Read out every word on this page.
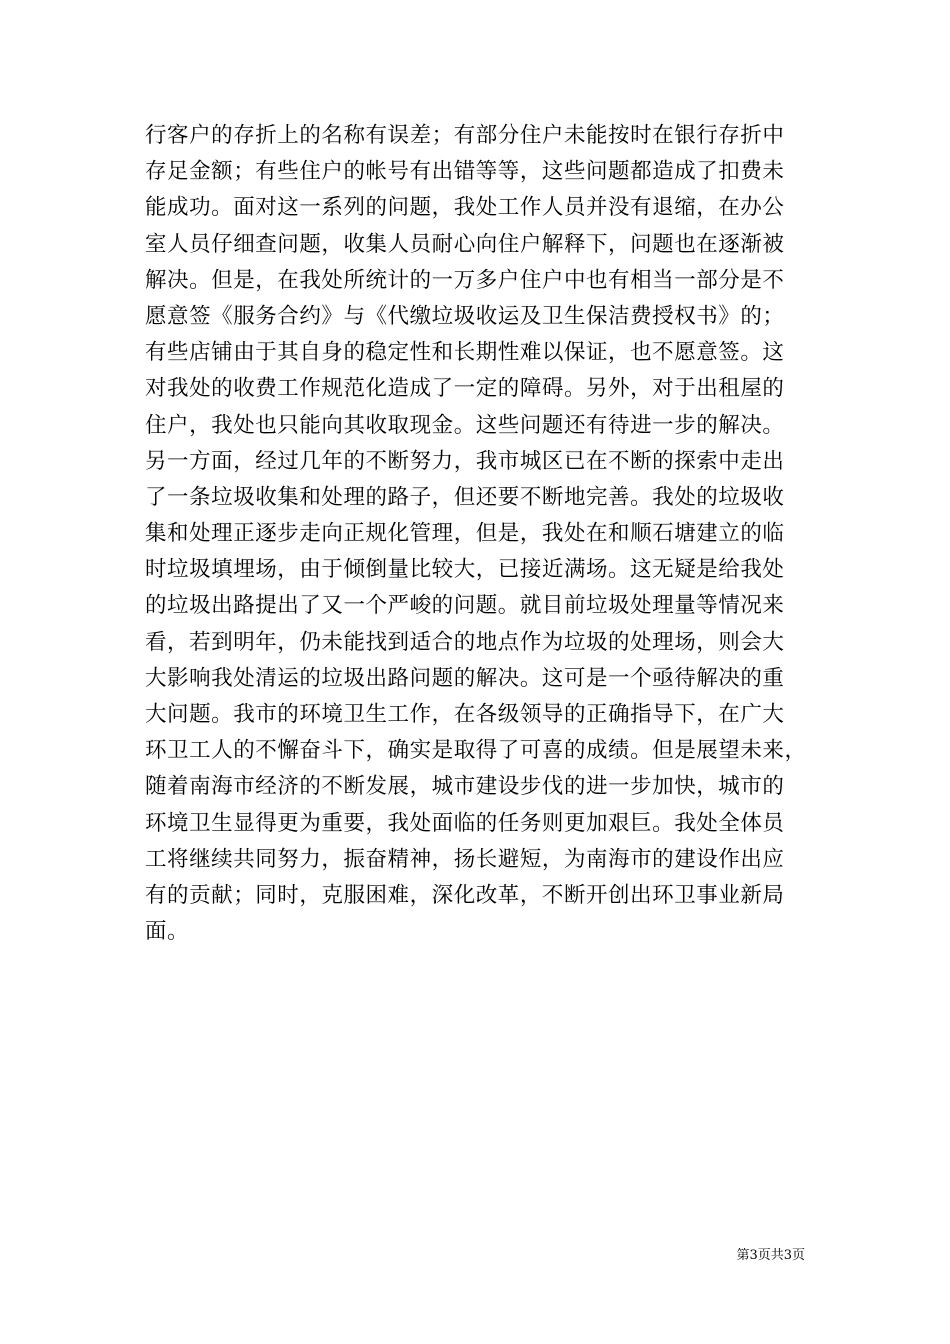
行客户的存折上的名称有误差；有部分住户未能按时在银行存折中
存足金额；有些住户的帐号有出错等等，这些问题都造成了扣费未
能成功。面对这一系列的问题，我处工作人员并没有退缩，在办公
室人员仔细查问题，收集人员耐心向住户解释下，问题也在逐渐被
解决。但是，在我处所统计的一万多户住户中也有相当一部分是不
愿意签《服务合约》与《代缴垃圾收运及卫生保洁费授权书》的；
有些店铺由于其自身的稳定性和长期性难以保证，也不愿意签。这
对我处的收费工作规范化造成了一定的障碍。另外，对于出租屋的
住户，我处也只能向其收取现金。这些问题还有待进一步的解决。
另一方面，经过几年的不断努力，我市城区已在不断的探索中走出
了一条垃圾收集和处理的路子，但还要不断地完善。我处的垃圾收
集和处理正逐步走向正规化管理，但是，我处在和顺石塘建立的临
时垃圾填埋场，由于倾倒量比较大，已接近满场。这无疑是给我处
的垃圾出路提出了又一个严峻的问题。就目前垃圾处理量等情况来
看，若到明年，仍未能找到适合的地点作为垃圾的处理场，则会大
大影响我处清运的垃圾出路问题的解决。这可是一个亟待解决的重
大问题。我市的环境卫生工作，在各级领导的正确指导下，在广大
环卫工人的不懈奋斗下，确实是取得了可喜的成绩。但是展望未来，
随着南海市经济的不断发展，城市建设步伐的进一步加快，城市的
环境卫生显得更为重要，我处面临的任务则更加艰巨。我处全体员
工将继续共同努力，振奋精神，扬长避短，为南海市的建设作出应
有的贡献；同时，克服困难，深化改革，不断开创出环卫事业新局
面。
第3页共3页
